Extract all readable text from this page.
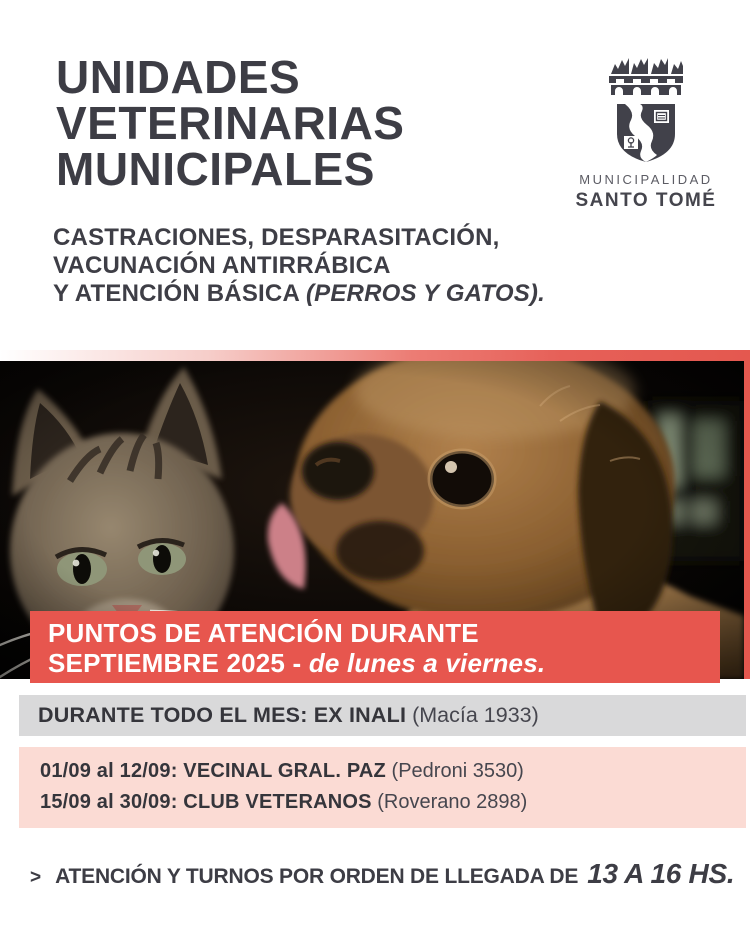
UNIDADES
VETERINARIAS
MUNICIPALES	MUNICIPALIDAD
SANTO TOMÉ
CASTRACIONES, DESPARASITACIÓN,
VACUNACIÓN ANTIRRÁBICA
Y ATENCIÓN BÁSICA (PERROS Y GATOS).
PUNTOS DE ATENCIÓN DURANTE
SEPTIEMBRE 2025 - de lunes a viernes.
DURANTE TODO EL MES: EX INALI (Macía 1933)
01/09 al 12/09: VECINAL GRAL. PAZ (Pedroni 3530)
15/09 al 30/09: CLUB VETERANOS (Roverano 2898)
> ATENCIÓN Y TURNOS POR ORDEN DE LLEGADA DE 13 A 16 HS.
